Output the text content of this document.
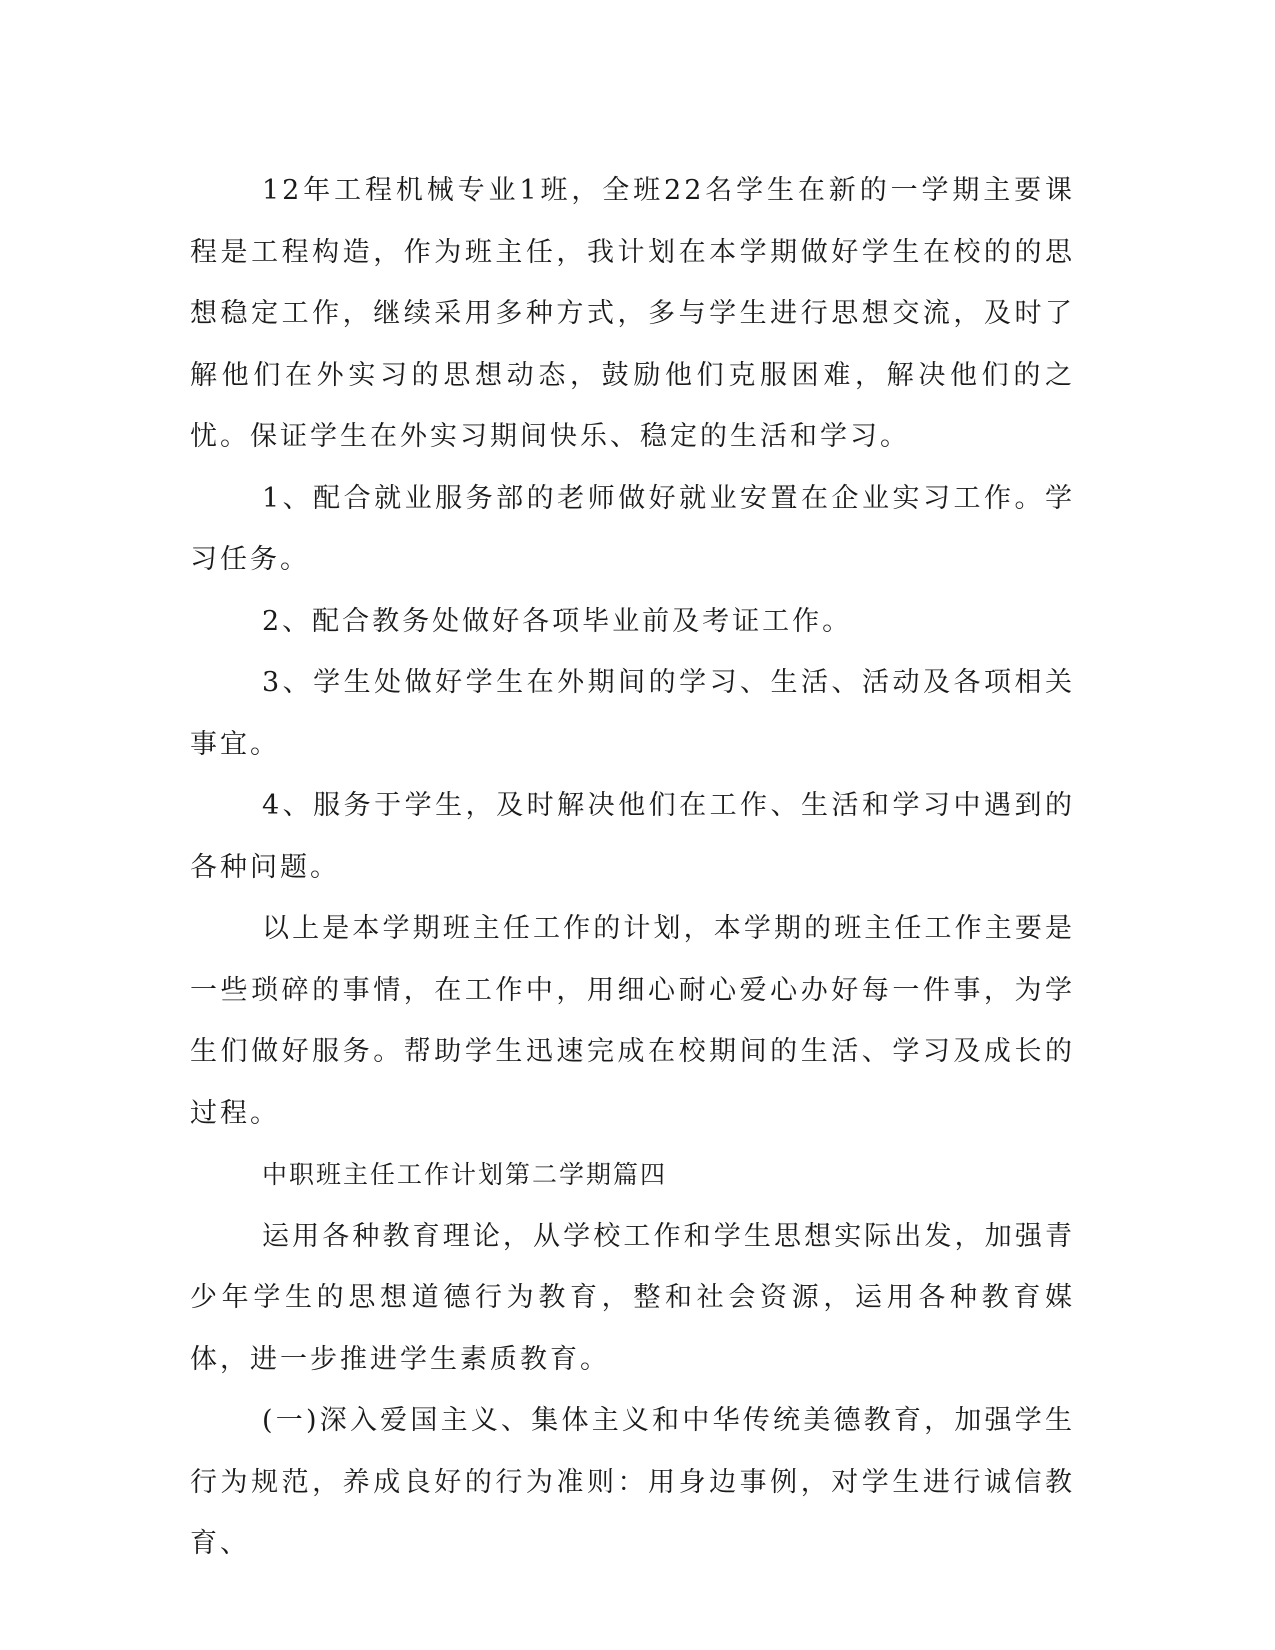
12年工程机械专业1班，全班22名学生在新的一学期主要课程是工程构造，作为班主任，我计划在本学期做好学生在校的的思想稳定工作，继续采用多种方式，多与学生进行思想交流，及时了解他们在外实习的思想动态，鼓励他们克服困难，解决他们的之忧。保证学生在外实习期间快乐、稳定的生活和学习。

1、配合就业服务部的老师做好就业安置在企业实习工作。学习任务。

2、配合教务处做好各项毕业前及考证工作。

3、学生处做好学生在外期间的学习、生活、活动及各项相关事宜。

4、服务于学生，及时解决他们在工作、生活和学习中遇到的各种问题。

以上是本学期班主任工作的计划，本学期的班主任工作主要是一些琐碎的事情，在工作中，用细心耐心爱心办好每一件事，为学生们做好服务。帮助学生迅速完成在校期间的生活、学习及成长的过程。

中职班主任工作计划第二学期篇四

运用各种教育理论，从学校工作和学生思想实际出发，加强青少年学生的思想道德行为教育，整和社会资源，运用各种教育媒体，进一步推进学生素质教育。

(一)深入爱国主义、集体主义和中华传统美德教育，加强学生行为规范，养成良好的行为准则：用身边事例，对学生进行诚信教育、
